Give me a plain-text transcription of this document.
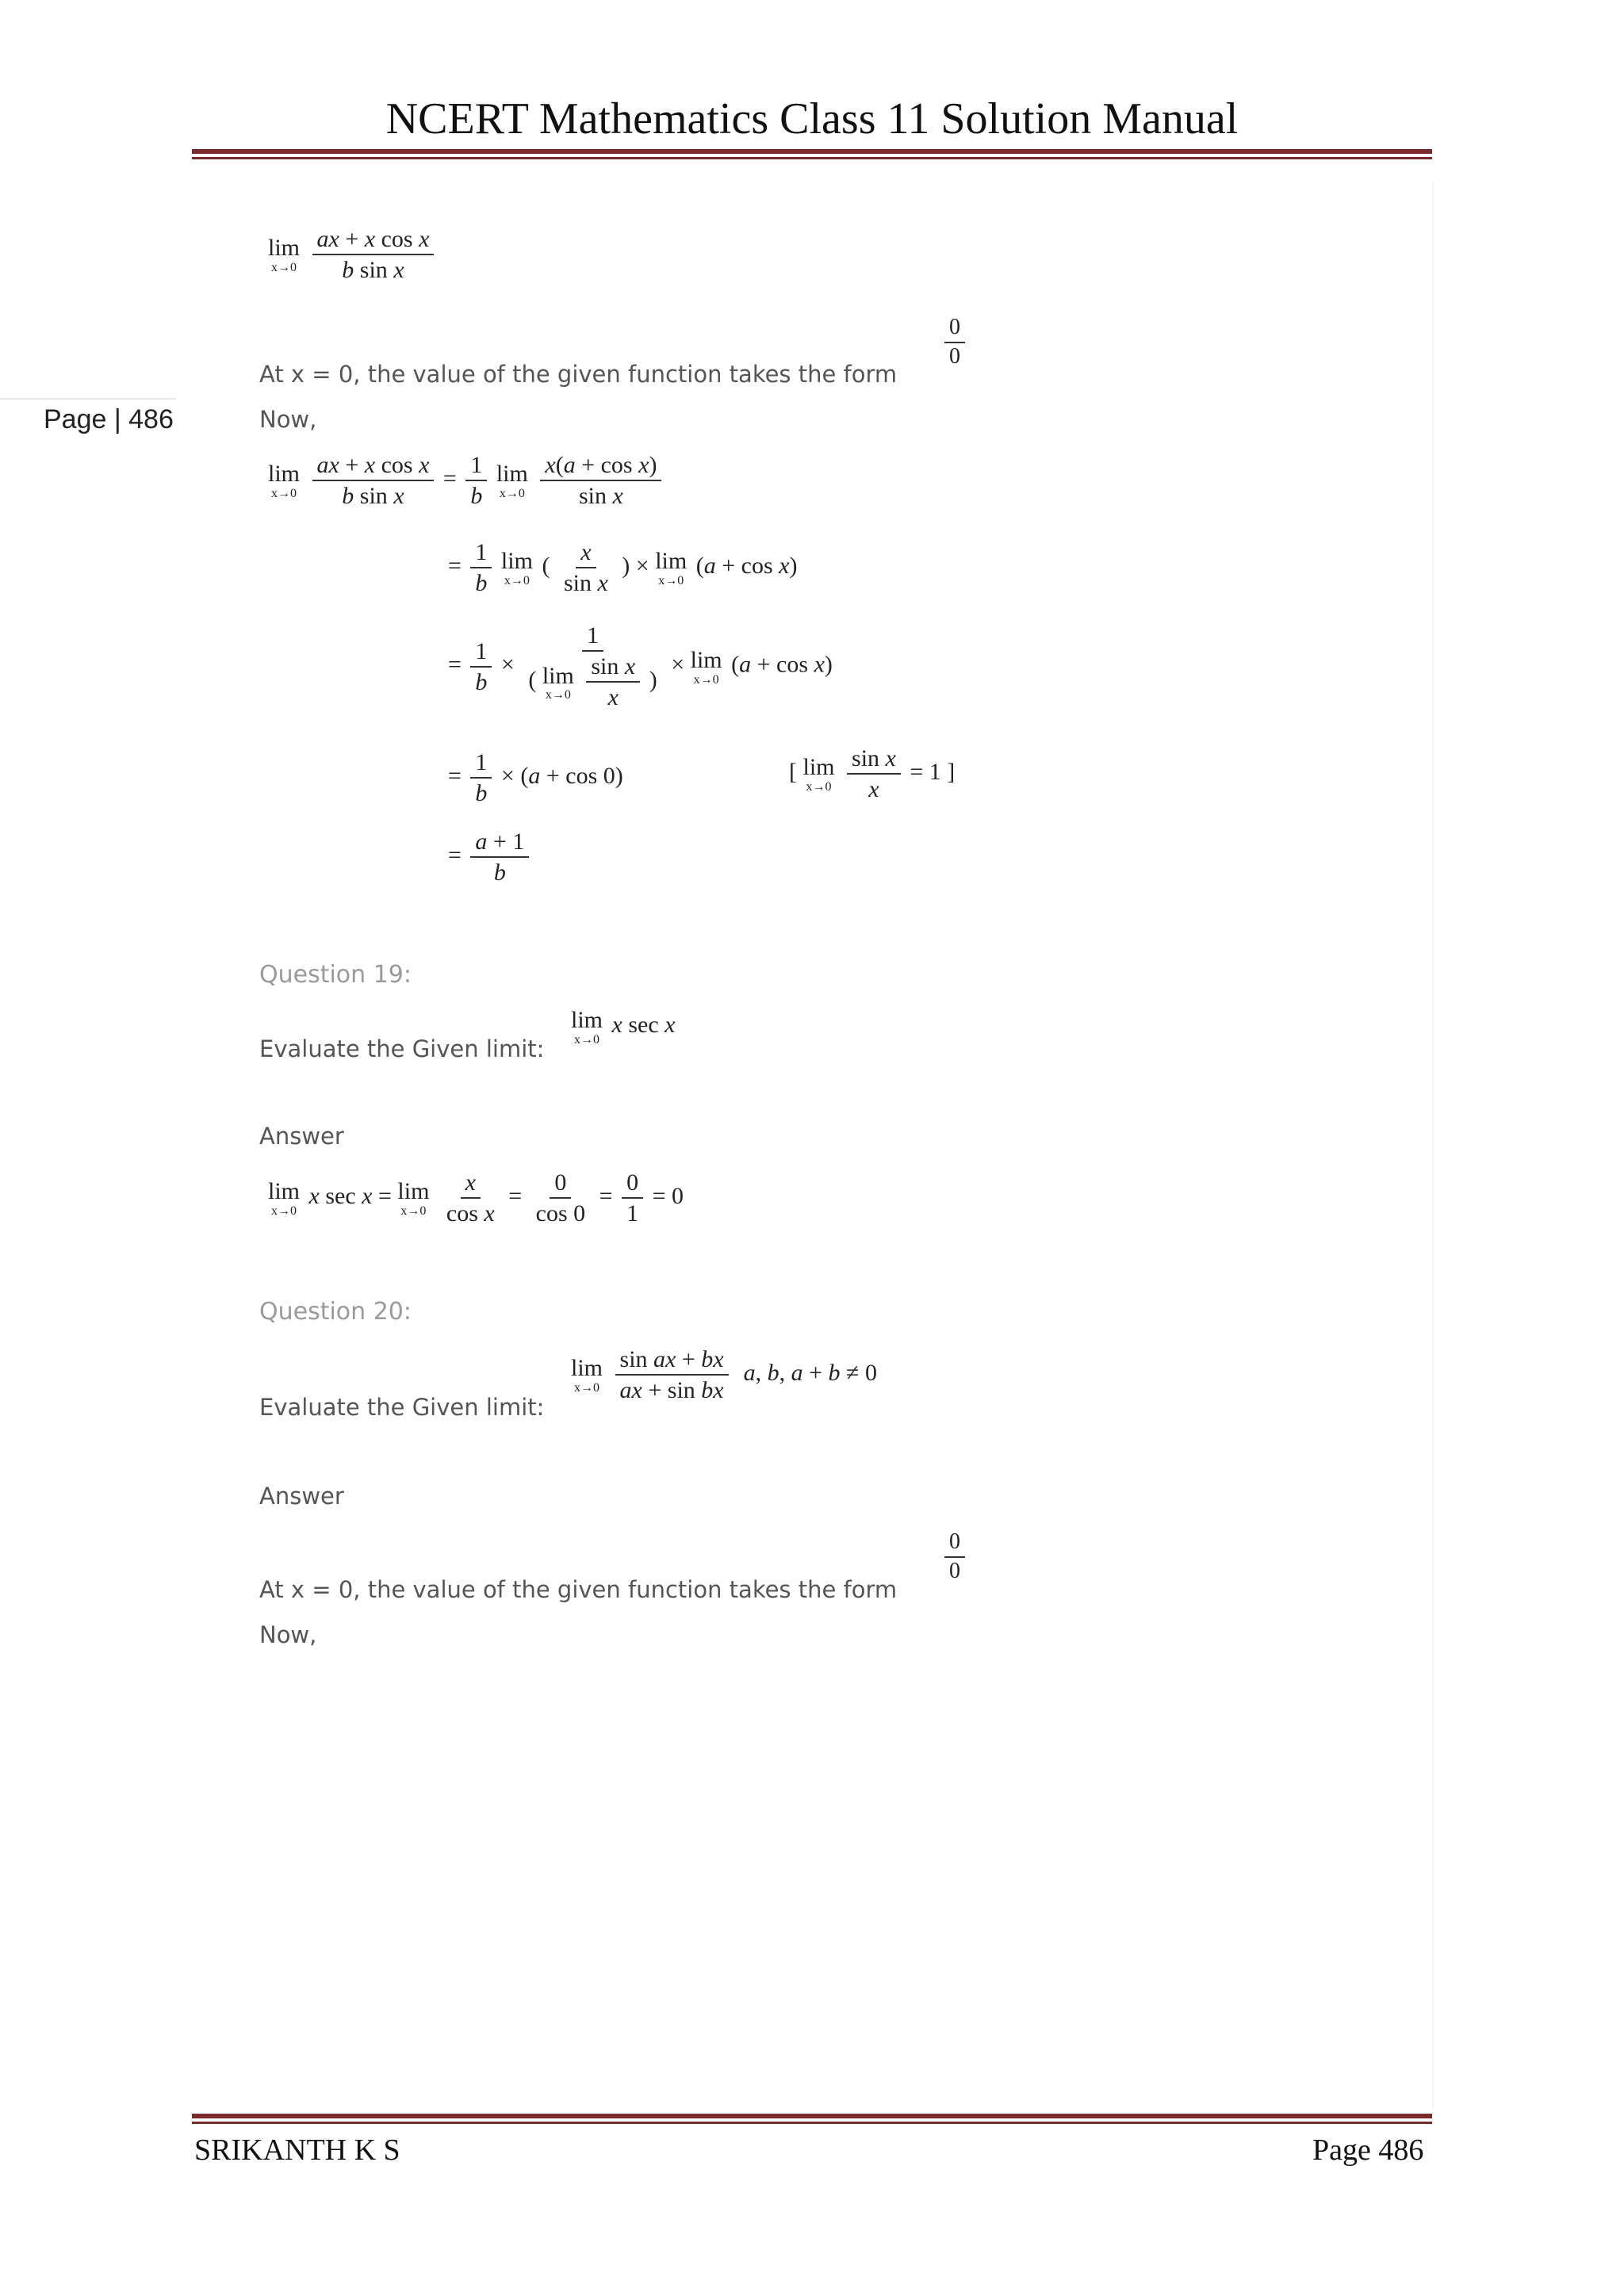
NCERT Mathematics Class 11 Solution Manual
Page | 486
lim
x→0
$\frac{\text{ax + x cos x}}{\text{b sin x}}$
At x = 0, the value of the given function takes the form
$\frac{0}{0}$
Now,
lim
x→0
$\frac{\text{ax + x cos x}}{\text{b sin x}} = \frac{1}{b}$
lim
x→0
$\frac{\text{x(a + cos x)}}{\text{sin x}}$
= $\frac{1}{b}$
lim
x→0
( $\frac{x}{\text{sin x}}$ ) × lim
x→0
(a + cos x)
= $\frac{1}{b} \times 1$
( lim
x→0
$\frac{\text{sin x}}{x}$ ) × lim
x→0
(a + cos x)
= $\frac{1}{b} \times (a + \cos 0)$	[ lim
x→0
$\frac{\text{sin x}}{x} = 1$ ]
= $\frac{a + 1}{b}$
Question 19:
Evaluate the Given limit:
lim
x→0
x sec x
Answer
lim
x→0
x sec x = lim
x→0
$\frac{x}{\text{cos x}} = \frac{0}{\cos 0} = \frac{0}{1} = 0$
Question 20:
Evaluate the Given limit:
lim
x→0
$\frac{\text{sin ax + bx}}{\text{ax + sin bx}} a$, b, a + b ≠ 0
Answer
At x = 0, the value of the given function takes the form
$\frac{0}{0}$
Now,
SRIKANTH K S	Page 486
